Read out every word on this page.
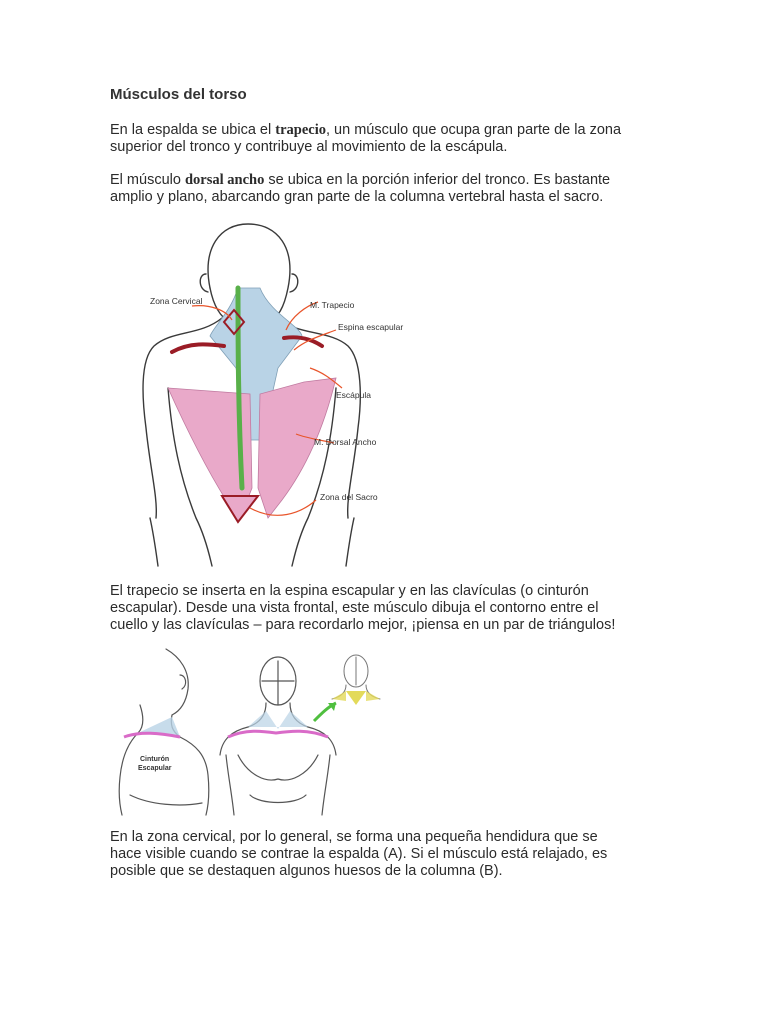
Músculos del torso
En la espalda se ubica el trapecio, un músculo que ocupa gran parte de la zona
superior del tronco y contribuye al movimiento de la escápula.
El músculo dorsal ancho se ubica en la porción inferior del tronco. Es bastante
amplio y plano, abarcando gran parte de la columna vertebral hasta el sacro.
Zona Cervical	M. Trapecio
Espina escapular
Escápula
M. Dorsal Ancho
Zona del Sacro
El trapecio se inserta en la espina escapular y en las clavículas (o cinturón
escapular). Desde una vista frontal, este músculo dibuja el contorno entre el
cuello y las clavículas – para recordarlo mejor, ¡piensa en un par de triángulos!
Cinturón
Escapular
En la zona cervical, por lo general, se forma una pequeña hendidura que se
hace visible cuando se contrae la espalda (A). Si el músculo está relajado, es
posible que se destaquen algunos huesos de la columna (B).
